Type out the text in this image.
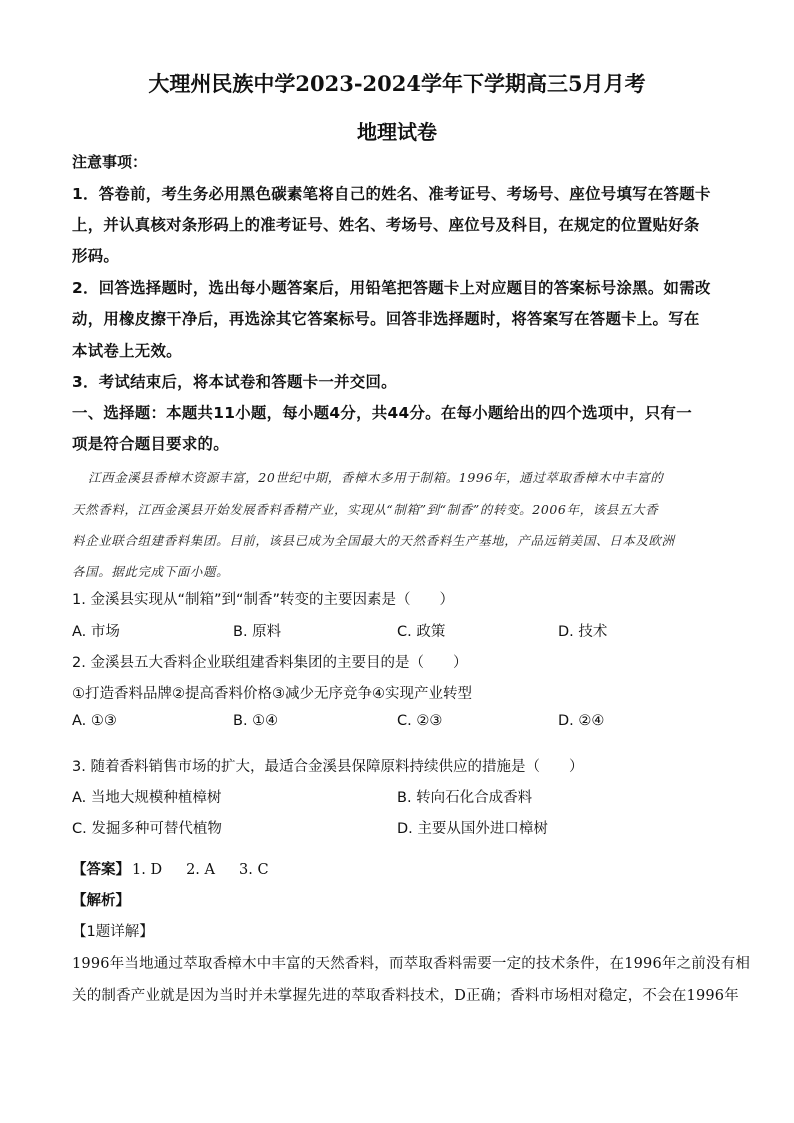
大理州民族中学2023-2024学年下学期高三5月月考
地理试卷
注意事项：
1．答卷前，考生务必用黑色碳素笔将自己的姓名、准考证号、考场号、座位号填写在答题卡
上，并认真核对条形码上的准考证号、姓名、考场号、座位号及科目，在规定的位置贴好条
形码。
2．回答选择题时，选出每小题答案后，用铅笔把答题卡上对应题目的答案标号涂黑。如需改
动，用橡皮擦干净后，再选涂其它答案标号。回答非选择题时，将答案写在答题卡上。写在
本试卷上无效。
3．考试结束后，将本试卷和答题卡一并交回。
一、选择题：本题共11小题，每小题4分，共44分。在每小题给出的四个选项中，只有一
项是符合题目要求的。
江西金溪县香樟木资源丰富，20世纪中期，香樟木多用于制箱。1996年，通过萃取香樟木中丰富的
天然香料，江西金溪县开始发展香料香精产业，实现从“制箱”到“制香”的转变。2006年，该县五大香
料企业联合组建香料集团。目前，该县已成为全国最大的天然香料生产基地，产品远销美国、日本及欧洲
各国。据此完成下面小题。
1. 金溪县实现从“制箱”到“制香”转变的主要因素是（　　）
A. 市场	B. 原料	C. 政策	D. 技术
2. 金溪县五大香料企业联组建香料集团的主要目的是（　　）
①打造香料品牌②提高香料价格③减少无序竞争④实现产业转型
A. ①③	B. ①④	C. ②③	D. ②④
3. 随着香料销售市场的扩大，最适合金溪县保障原料持续供应的措施是（　　）
A. 当地大规模种植樟树	B. 转向石化合成香料
C. 发掘多种可替代植物	D. 主要从国外进口樟树
【答案】 1. D 2. A 3. C
【解析】
【1题详解】
1996年当地通过萃取香樟木中丰富的天然香料，而萃取香料需要一定的技术条件，在1996年之前没有相
关的制香产业就是因为当时并未掌握先进的萃取香料技术，D正确；香料市场相对稳定，不会在1996年
